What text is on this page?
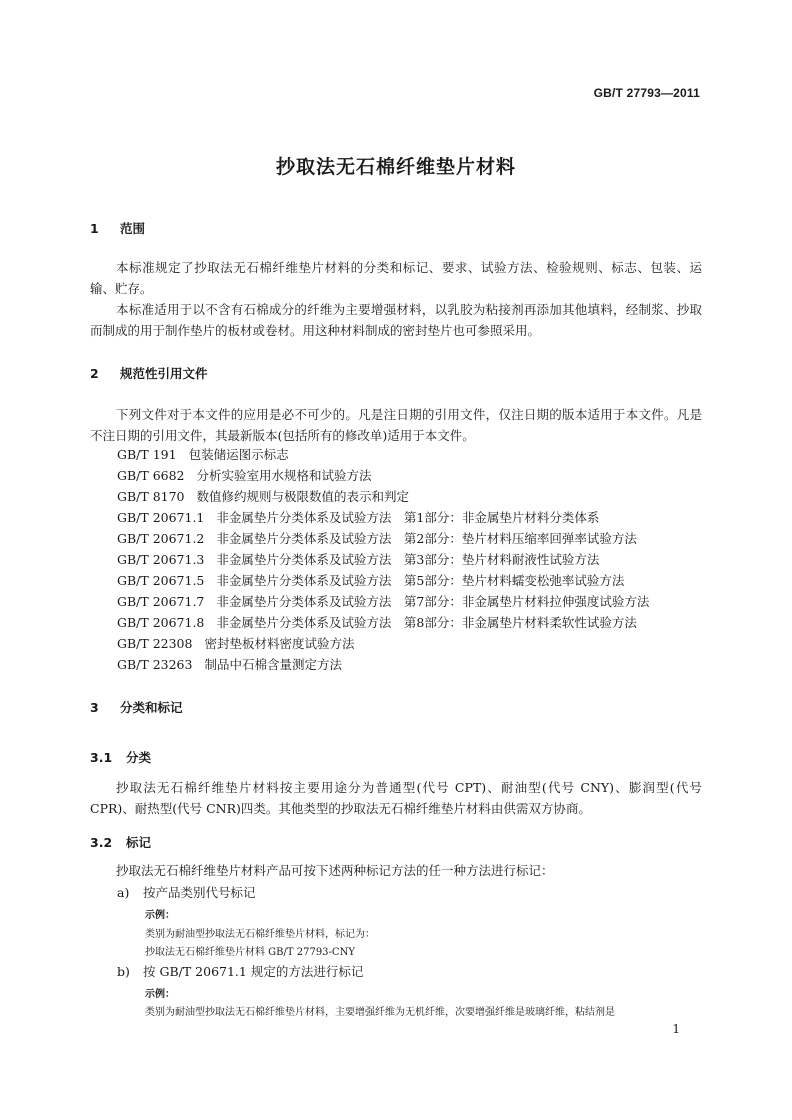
GB/T 27793—2011
抄取法无石棉纤维垫片材料
1 范围
本标准规定了抄取法无石棉纤维垫片材料的分类和标记、要求、试验方法、检验规则、标志、包装、运输、贮存。
本标准适用于以不含有石棉成分的纤维为主要增强材料，以乳胶为粘接剂再添加其他填料，经制浆、抄取而制成的用于制作垫片的板材或卷材。用这种材料制成的密封垫片也可参照采用。
2 规范性引用文件
下列文件对于本文件的应用是必不可少的。凡是注日期的引用文件，仅注日期的版本适用于本文件。凡是不注日期的引用文件，其最新版本(包括所有的修改单)适用于本文件。
GB/T 191 包装储运图示标志
GB/T 6682 分析实验室用水规格和试验方法
GB/T 8170 数值修约规则与极限数值的表示和判定
GB/T 20671.1 非金属垫片分类体系及试验方法　第1部分：非金属垫片材料分类体系
GB/T 20671.2 非金属垫片分类体系及试验方法　第2部分：垫片材料压缩率回弹率试验方法
GB/T 20671.3 非金属垫片分类体系及试验方法　第3部分：垫片材料耐液性试验方法
GB/T 20671.5 非金属垫片分类体系及试验方法　第5部分：垫片材料蠕变松弛率试验方法
GB/T 20671.7 非金属垫片分类体系及试验方法　第7部分：非金属垫片材料拉伸强度试验方法
GB/T 20671.8 非金属垫片分类体系及试验方法　第8部分：非金属垫片材料柔软性试验方法
GB/T 22308 密封垫板材料密度试验方法
GB/T 23263 制品中石棉含量测定方法
3 分类和标记
3.1 分类
抄取法无石棉纤维垫片材料按主要用途分为普通型(代号 CPT)、耐油型(代号 CNY)、膨润型(代号 CPR)、耐热型(代号 CNR)四类。其他类型的抄取法无石棉纤维垫片材料由供需双方协商。
3.2 标记
抄取法无石棉纤维垫片材料产品可按下述两种标记方法的任一种方法进行标记：
a) 按产品类别代号标记
示例：
类别为耐油型抄取法无石棉纤维垫片材料，标记为：
抄取法无石棉纤维垫片材料 GB/T 27793-CNY
b) 按 GB/T 20671.1 规定的方法进行标记
示例：
类别为耐油型抄取法无石棉纤维垫片材料，主要增强纤维为无机纤维，次要增强纤维是玻璃纤维，粘结剂是
1
